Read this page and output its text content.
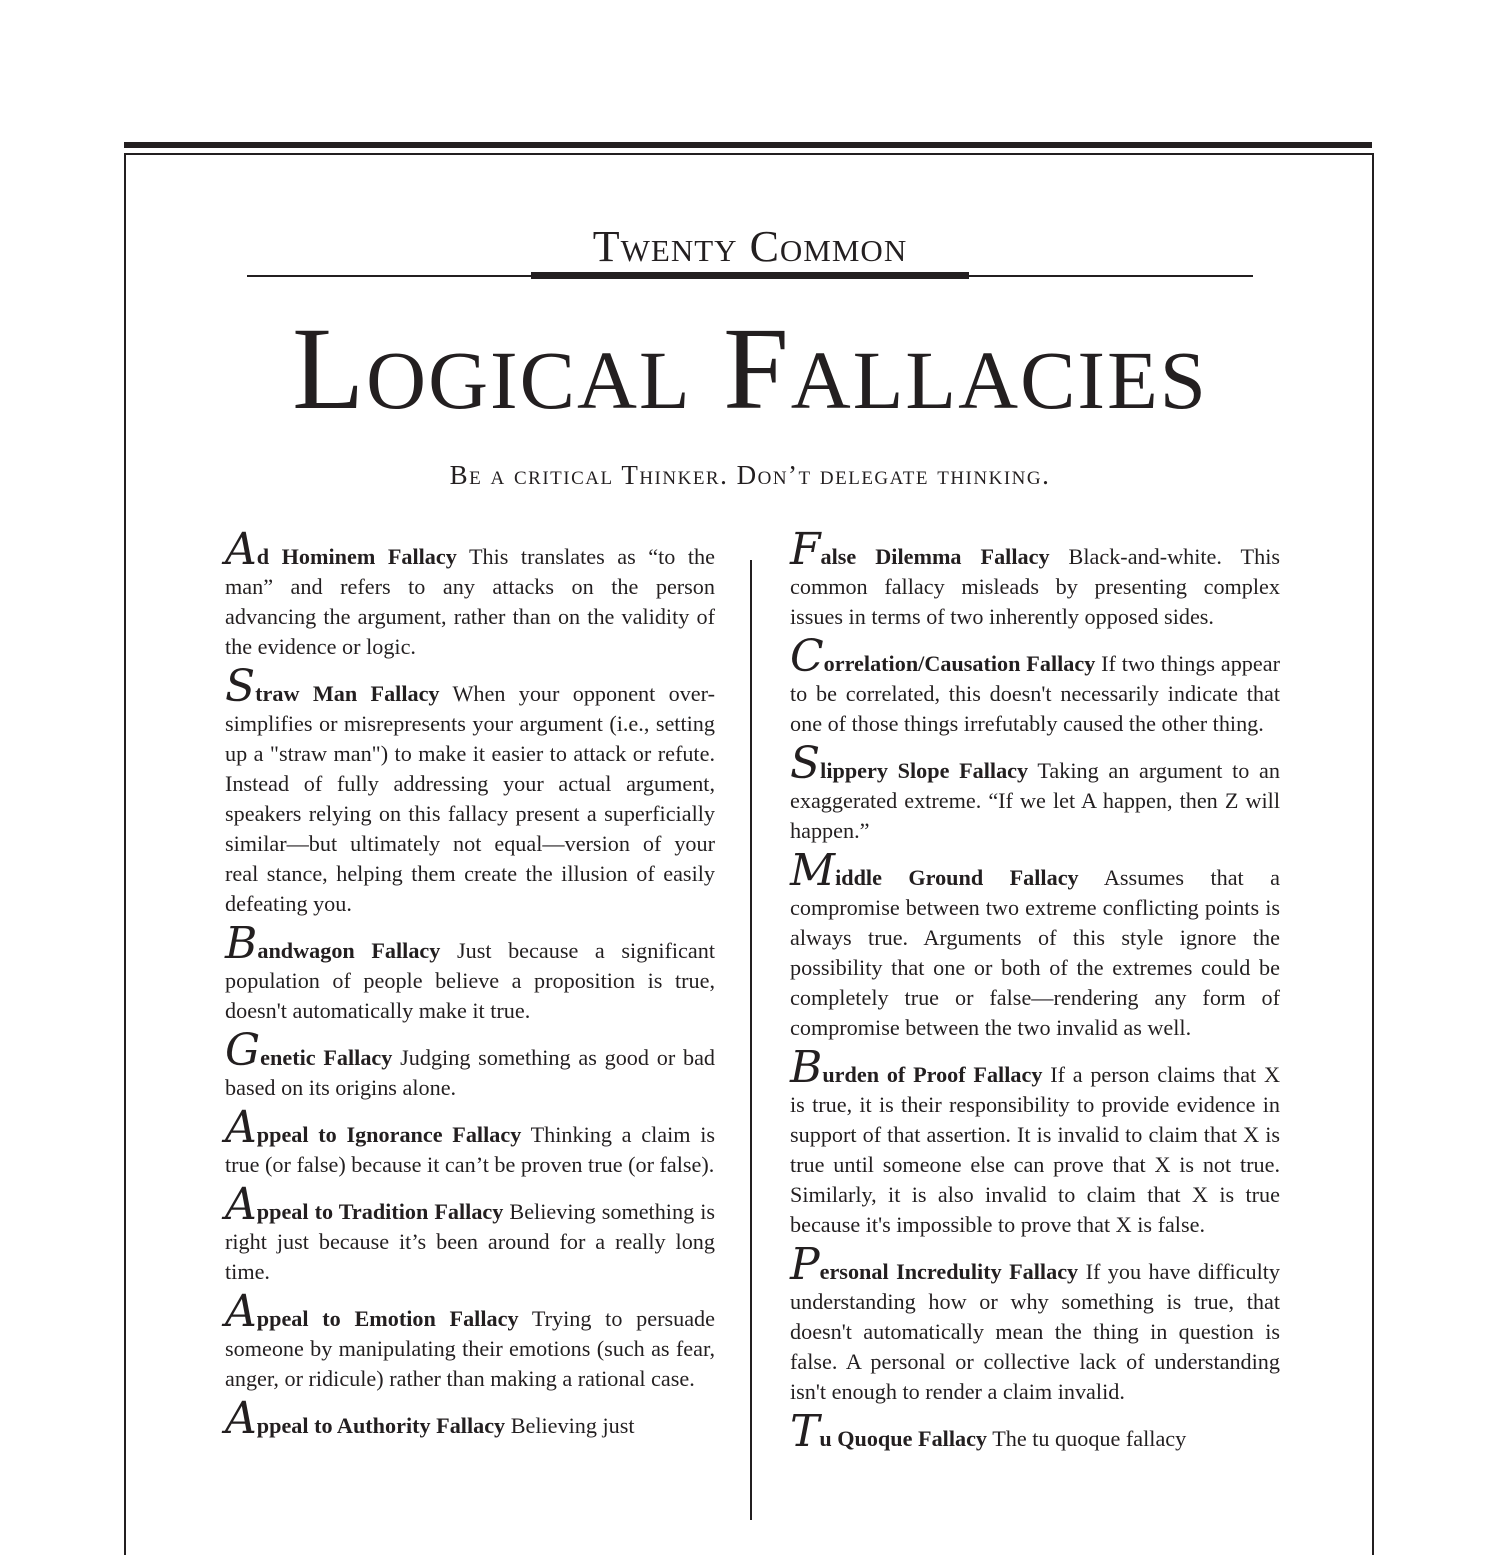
Twenty Common
Logical Fallacies
Be a critical Thinker. Don’t delegate thinking.

Ad Hominem Fallacy This translates as “to the man” and refers to any attacks on the person advancing the argument, rather than on the validity of the evidence or logic.

Straw Man Fallacy When your opponent over-simplifies or misrepresents your argument (i.e., setting up a "straw man") to make it easier to attack or refute. Instead of fully addressing your actual argument, speakers relying on this fallacy present a superficially similar—but ultimately not equal—version of your real stance, helping them create the illusion of easily defeating you.

Bandwagon Fallacy Just because a significant population of people believe a proposition is true, doesn't automatically make it true.

Genetic Fallacy Judging something as good or bad based on its origins alone.

Appeal to Ignorance Fallacy Thinking a claim is true (or false) because it can’t be proven true (or false).

Appeal to Tradition Fallacy Believing something is right just because it’s been around for a really long time.

Appeal to Emotion Fallacy Trying to persuade someone by manipulating their emotions (such as fear, anger, or ridicule) rather than making a rational case.

Appeal to Authority Fallacy Believing just

False Dilemma Fallacy Black-and-white. This common fallacy misleads by presenting complex issues in terms of two inherently opposed sides.

Correlation/Causation Fallacy If two things appear to be correlated, this doesn't necessarily indicate that one of those things irrefutably caused the other thing.

Slippery Slope Fallacy Taking an argument to an exaggerated extreme. “If we let A happen, then Z will happen.”

Middle Ground Fallacy Assumes that a compromise between two extreme conflicting points is always true. Arguments of this style ignore the possibility that one or both of the extremes could be completely true or false—rendering any form of compromise between the two invalid as well.

Burden of Proof Fallacy If a person claims that X is true, it is their responsibility to provide evidence in support of that assertion. It is invalid to claim that X is true until someone else can prove that X is not true. Similarly, it is also invalid to claim that X is true because it's impossible to prove that X is false.

Personal Incredulity Fallacy If you have difficulty understanding how or why something is true, that doesn't automatically mean the thing in question is false. A personal or collective lack of understanding isn't enough to render a claim invalid.

Tu Quoque Fallacy The tu quoque fallacy
